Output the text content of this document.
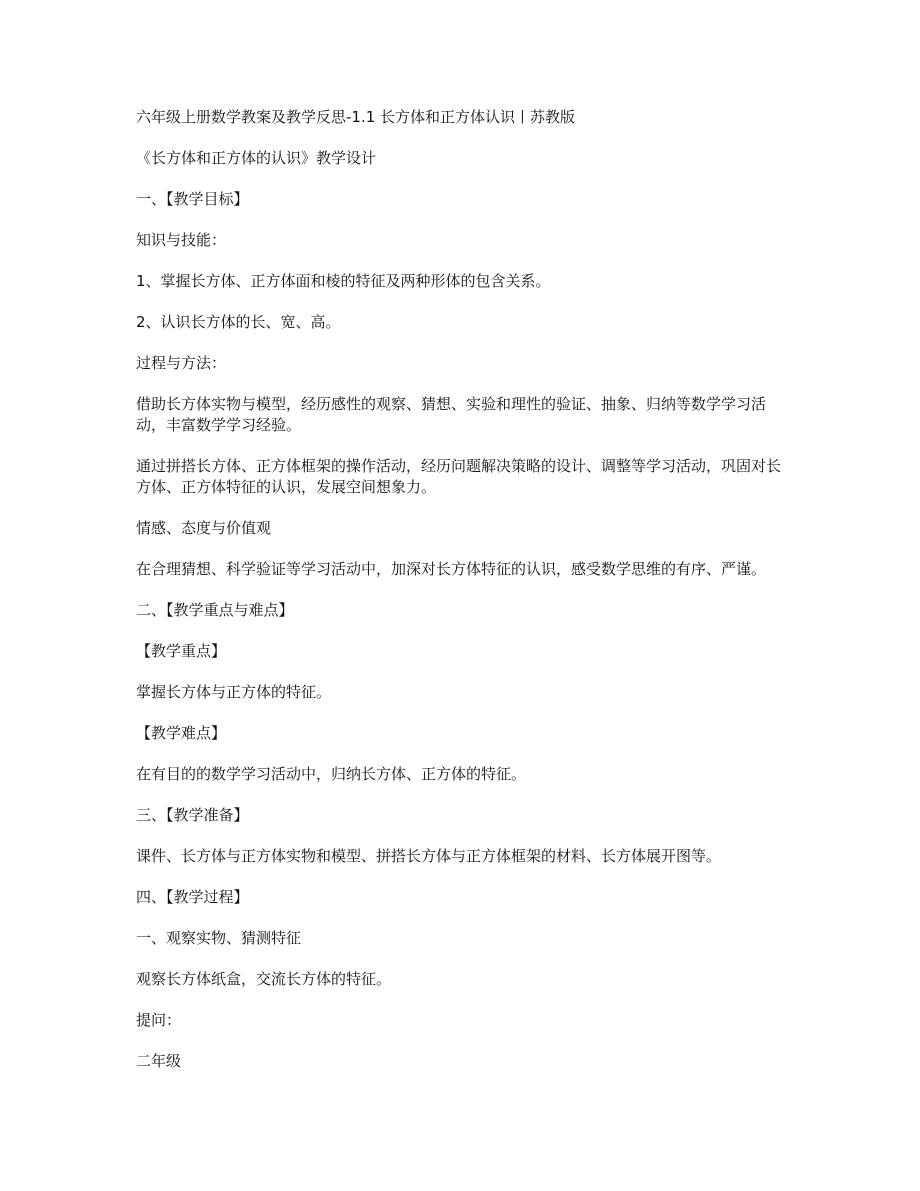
六年级上册数学教案及教学反思-1.1 长方体和正方体认识丨苏教版

《长方体和正方体的认识》教学设计

一、【教学目标】

知识与技能：

1、掌握长方体、正方体面和棱的特征及两种形体的包含关系。

2、认识长方体的长、宽、高。

过程与方法：

借助长方体实物与模型，经历感性的观察、猜想、实验和理性的验证、抽象、归纳等数学学习活动，丰富数学学习经验。

通过拼搭长方体、正方体框架的操作活动，经历问题解决策略的设计、调整等学习活动，巩固对长方体、正方体特征的认识，发展空间想象力。

情感、态度与价值观

在合理猜想、科学验证等学习活动中，加深对长方体特征的认识，感受数学思维的有序、严谨。

二、【教学重点与难点】

【教学重点】

掌握长方体与正方体的特征。

【教学难点】

在有目的的数学学习活动中，归纳长方体、正方体的特征。

三、【教学准备】

课件、长方体与正方体实物和模型、拼搭长方体与正方体框架的材料、长方体展开图等。

四、【教学过程】

一、观察实物、猜测特征

观察长方体纸盒，交流长方体的特征。

提问：

二年级
